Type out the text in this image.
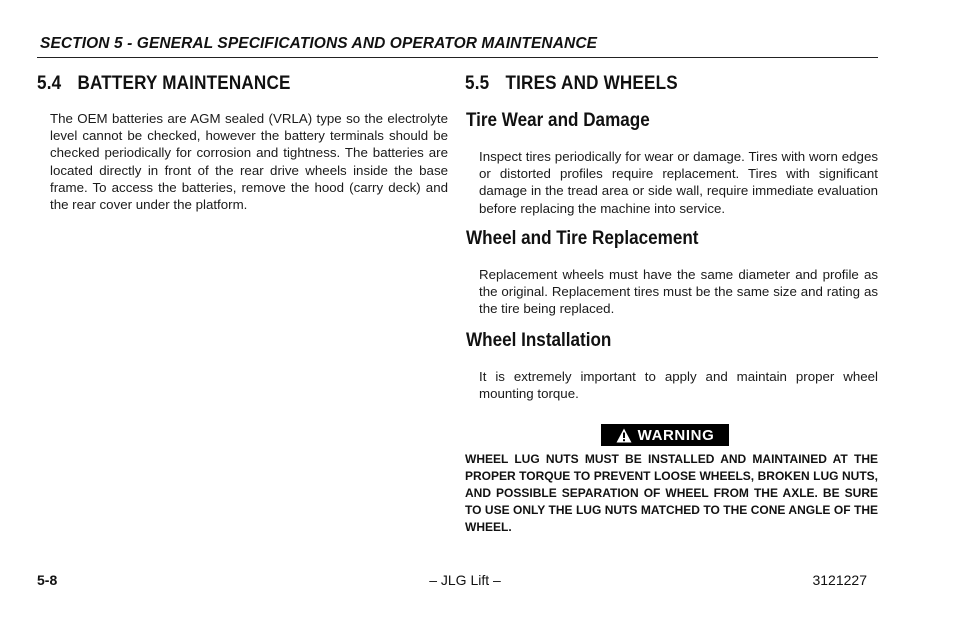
SECTION 5 - GENERAL SPECIFICATIONS AND OPERATOR MAINTENANCE
5.4 BATTERY MAINTENANCE
The OEM batteries are AGM sealed (VRLA) type so the electrolyte level cannot be checked, however the battery terminals should be checked periodically for corrosion and tightness. The batteries are located directly in front of the rear drive wheels inside the base frame. To access the batteries, remove the hood (carry deck) and the rear cover under the platform.
5.5 TIRES AND WHEELS
Tire Wear and Damage
Inspect tires periodically for wear or damage. Tires with worn edges or distorted profiles require replacement. Tires with significant damage in the tread area or side wall, require immediate evaluation before replacing the machine into service.
Wheel and Tire Replacement
Replacement wheels must have the same diameter and profile as the original. Replacement tires must be the same size and rating as the tire being replaced.
Wheel Installation
It is extremely important to apply and maintain proper wheel mounting torque.
WARNING
WHEEL LUG NUTS MUST BE INSTALLED AND MAINTAINED AT THE PROPER TORQUE TO PREVENT LOOSE WHEELS, BROKEN LUG NUTS, AND POSSIBLE SEPARATION OF WHEEL FROM THE AXLE. BE SURE TO USE ONLY THE LUG NUTS MATCHED TO THE CONE ANGLE OF THE WHEEL.
5-8	– JLG Lift –	3121227
